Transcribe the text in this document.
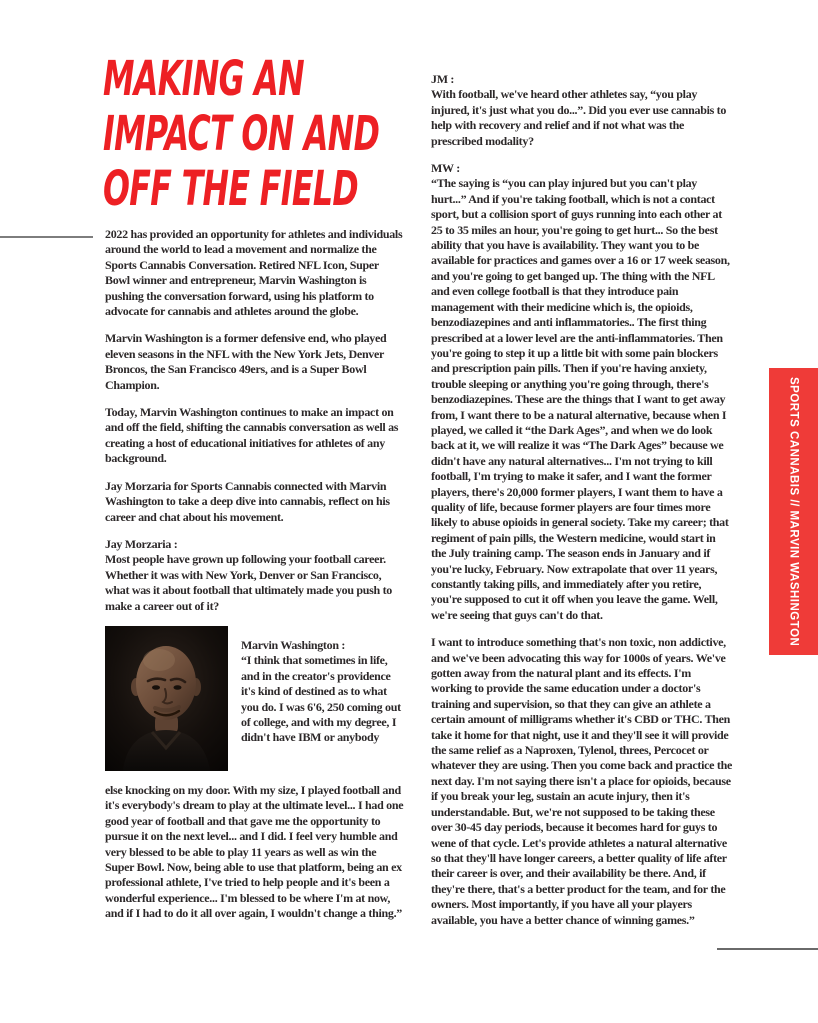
MAKING AN
IMPACT ON AND
OFF THE FIELD

2022 has provided an opportunity for athletes and individuals around the world to lead a movement and normalize the Sports Cannabis Conversation. Retired NFL Icon, Super Bowl winner and entrepreneur, Marvin Washington is pushing the conversation forward, using his platform to advocate for cannabis and athletes around the globe.

Marvin Washington is a former defensive end, who played eleven seasons in the NFL with the New York Jets, Denver Broncos, the San Francisco 49ers, and is a Super Bowl Champion.

Today, Marvin Washington continues to make an impact on and off the field, shifting the cannabis conversation as well as creating a host of educational initiatives for athletes of any background.

Jay Morzaria for Sports Cannabis connected with Marvin Washington to take a deep dive into cannabis, reflect on his career and chat about his movement.

Jay Morzaria :

Most people have grown up following your football career. Whether it was with New York, Denver or San Francisco, what was it about football that ultimately made you push to make a career out of it?

Marvin Washington :

“I think that sometimes in life, and in the creator's providence it's kind of destined as to what you do. I was 6'6, 250 coming out of college, and with my degree, I didn't have IBM or anybody

else knocking on my door. With my size, I played football and it's everybody's dream to play at the ultimate level... I had one good year of football and that gave me the opportunity to pursue it on the next level... and I did. I feel very humble and very blessed to be able to play 11 years as well as win the Super Bowl. Now, being able to use that platform, being an ex professional athlete, I've tried to help people and it's been a wonderful experience... I'm blessed to be where I'm at now, and if I had to do it all over again, I wouldn't change a thing.”

JM :

With football, we've heard other athletes say, “you play injured, it's just what you do...”. Did you ever use cannabis to help with recovery and relief and if not what was the prescribed modality?

MW :

“The saying is “you can play injured but you can't play hurt...” And if you're taking football, which is not a contact sport, but a collision sport of guys running into each other at 25 to 35 miles an hour, you're going to get hurt... So the best ability that you have is availability. They want you to be available for practices and games over a 16 or 17 week season, and you're going to get banged up. The thing with the NFL and even college football is that they introduce pain management with their medicine which is, the opioids, benzodiazepines and anti inflammatories.. The first thing prescribed at a lower level are the anti-inflammatories. Then you're going to step it up a little bit with some pain blockers and prescription pain pills. Then if you're having anxiety, trouble sleeping or anything you're going through, there's benzodiazepines. These are the things that I want to get away from, I want there to be a natural alternative, because when I played, we called it “the Dark Ages”, and when we do look back at it, we will realize it was “The Dark Ages” because we didn't have any natural alternatives... I'm not trying to kill football, I'm trying to make it safer, and I want the former players, there's 20,000 former players, I want them to have a quality of life, because former players are four times more likely to abuse opioids in general society. Take my career; that regiment of pain pills, the Western medicine, would start in the July training camp. The season ends in January and if you're lucky, February. Now extrapolate that over 11 years, constantly taking pills, and immediately after you retire, you're supposed to cut it off when you leave the game. Well, we're seeing that guys can't do that.

I want to introduce something that's non toxic, non addictive, and we've been advocating this way for 1000s of years. We've gotten away from the natural plant and its effects. I'm working to provide the same education under a doctor's training and supervision, so that they can give an athlete a certain amount of milligrams whether it's CBD or THC. Then take it home for that night, use it and they'll see it will provide the same relief as a Naproxen, Tylenol, threes, Percocet or whatever they are using. Then you come back and practice the next day. I'm not saying there isn't a place for opioids, because if you break your leg, sustain an acute injury, then it's understandable. But, we're not supposed to be taking these over 30-45 day periods, because it becomes hard for guys to wene of that cycle. Let's provide athletes a natural alternative so that they'll have longer careers, a better quality of life after their career is over, and their availability be there. And, if they're there, that's a better product for the team, and for the owners. Most importantly, if you have all your players available, you have a better chance of winning games.”

SPORTS CANNABIS // MARVIN WASHINGTON
